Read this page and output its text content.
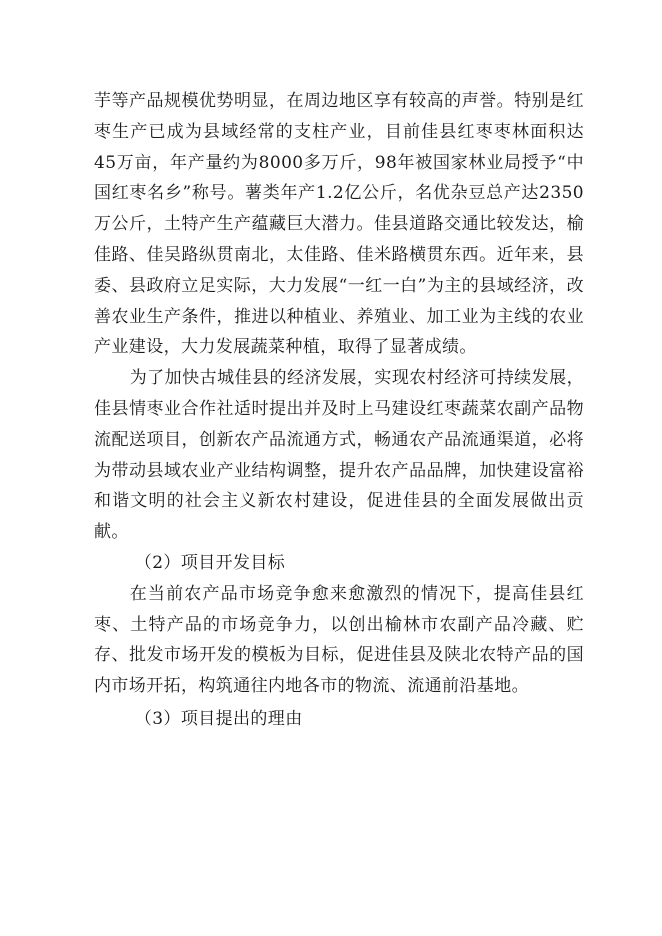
芋等产品规模优势明显，在周边地区享有较高的声誉。特别是红枣生产已成为县域经常的支柱产业，目前佳县红枣枣林面积达45万亩，年产量约为8000多万斤，98年被国家林业局授予“中国红枣名乡”称号。薯类年产1.2亿公斤，名优杂豆总产达2350万公斤，土特产生产蕴藏巨大潜力。佳县道路交通比较发达，榆佳路、佳吴路纵贯南北，太佳路、佳米路横贯东西。近年来，县委、县政府立足实际，大力发展“一红一白”为主的县域经济，改善农业生产条件，推进以种植业、养殖业、加工业为主线的农业产业建设，大力发展蔬菜种植，取得了显著成绩。

为了加快古城佳县的经济发展，实现农村经济可持续发展，佳县情枣业合作社适时提出并及时上马建设红枣蔬菜农副产品物流配送项目，创新农产品流通方式，畅通农产品流通渠道，必将为带动县域农业产业结构调整，提升农产品品牌，加快建设富裕和谐文明的社会主义新农村建设，促进佳县的全面发展做出贡献。

（2）项目开发目标

在当前农产品市场竞争愈来愈激烈的情况下，提高佳县红枣、土特产品的市场竞争力，以创出榆林市农副产品冷藏、贮存、批发市场开发的模板为目标，促进佳县及陕北农特产品的国内市场开拓，构筑通往内地各市的物流、流通前沿基地。

（3）项目提出的理由
